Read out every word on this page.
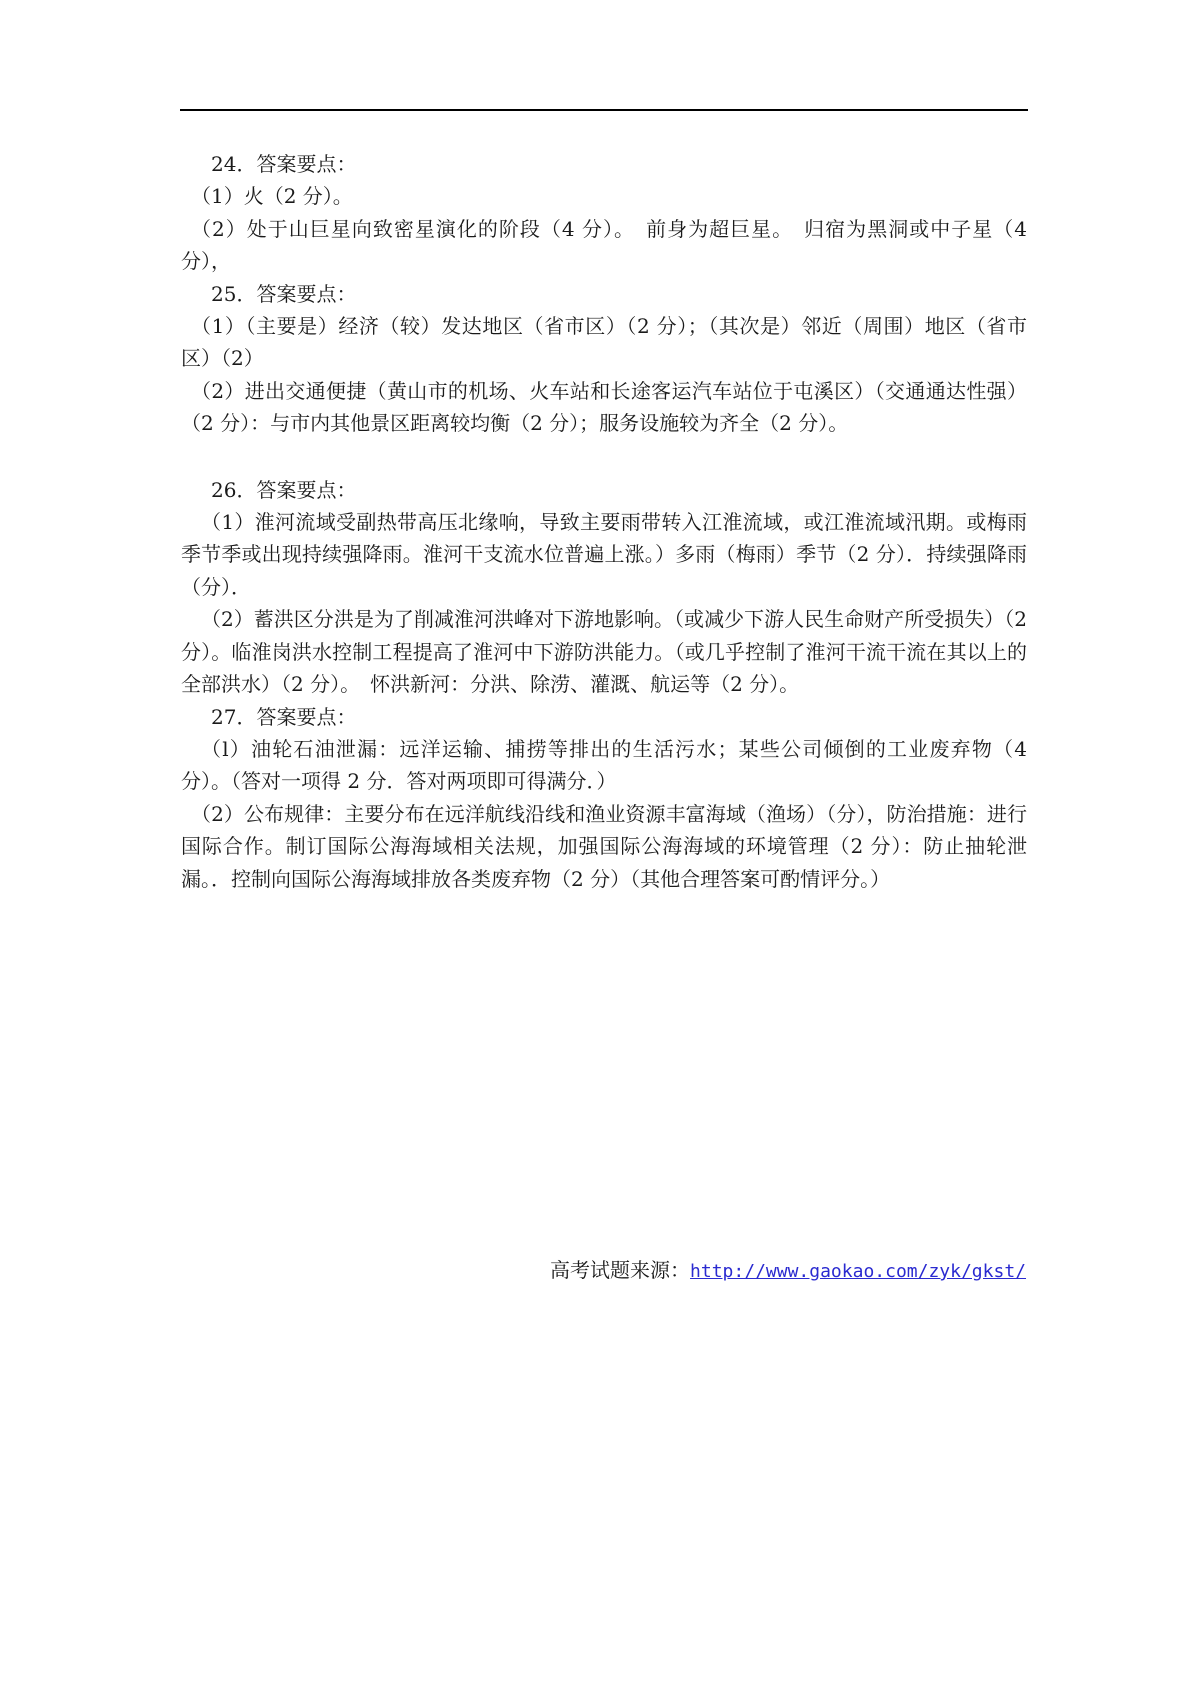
24．答案要点：
（1）火（2 分）。
（2）处于山巨星向致密星演化的阶段（4 分）。　前身为超巨星。　归宿为黑洞或中子星（4 分），
25．答案要点：
（1）（主要是）经济（较）发达地区（省市区）（2 分）；（其次是）邻近（周围）地区（省市区）（2）
（2）进出交通便捷（黄山市的机场、火车站和长途客运汽车站位于屯溪区）（交通通达性强）（2 分）：与市内其他景区距离较均衡（2 分）；服务设施较为齐全（2 分）。
26．答案要点：
（1）淮河流域受副热带高压北缘响，导致主要雨带转入江淮流域，或江淮流域汛期。或梅雨季节季或出现持续强降雨。淮河干支流水位普遍上涨。）多雨（梅雨）季节（2 分）．持续强降雨（分）．
（2）蓄洪区分洪是为了削减淮河洪峰对下游地影响。（或减少下游人民生命财产所受损失）（2 分）。临淮岗洪水控制工程提高了淮河中下游防洪能力。（或几乎控制了淮河干流干流在其以上的全部洪水）（2 分）。　怀洪新河：分洪、除涝、灌溉、航运等（2 分）。
27．答案要点：
（l）油轮石油泄漏：远洋运输、捕捞等排出的生活污水；某些公司倾倒的工业废弃物（4 分）。（答对一项得 2 分．答对两项即可得满分．）
（2）公布规律：主要分布在远洋航线沿线和渔业资源丰富海域（渔场）（分），防治措施：进行国际合作。制订国际公海海域相关法规，加强国际公海海域的环境管理（2 分）：防止抽轮泄漏。．控制向国际公海海域排放各类废弃物（2 分）（其他合理答案可酌情评分。）
高考试题来源：http://www.gaokao.com/zyk/gkst/
